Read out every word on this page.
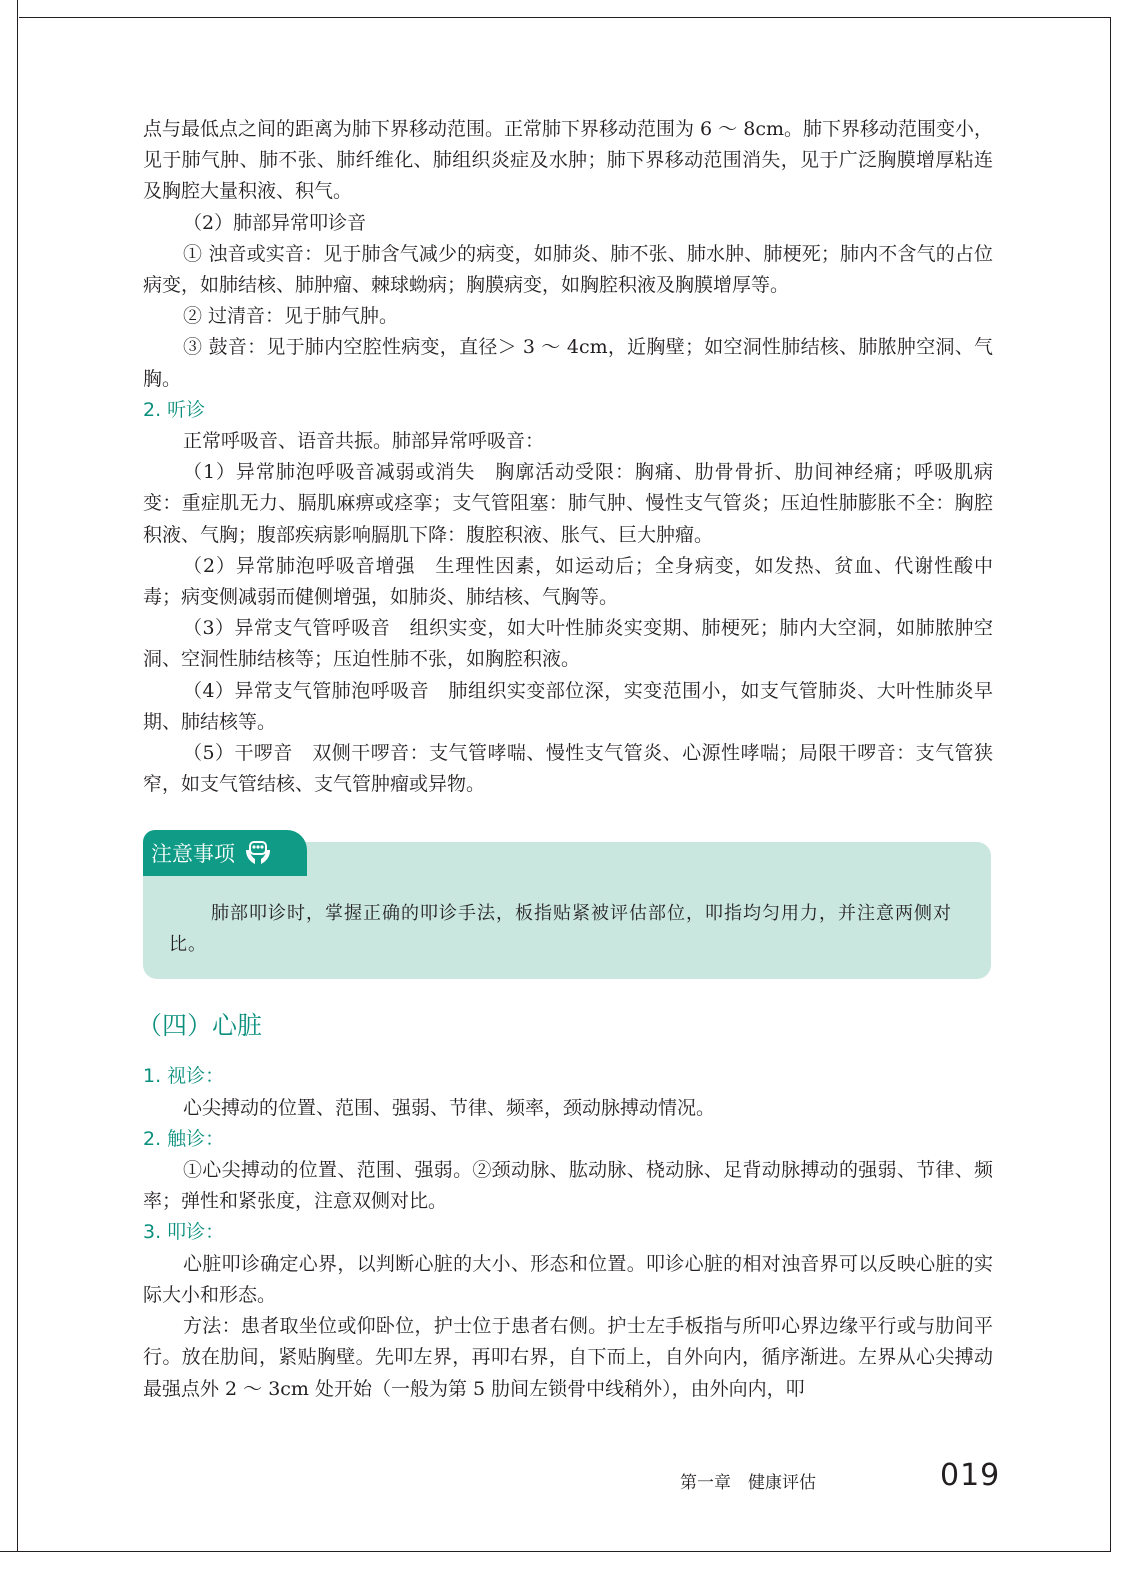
点与最低点之间的距离为肺下界移动范围。正常肺下界移动范围为 6 ～ 8cm。肺下界移动范围变小，见于肺气肿、肺不张、肺纤维化、肺组织炎症及水肿；肺下界移动范围消失，见于广泛胸膜增厚粘连及胸腔大量积液、积气。

（2）肺部异常叩诊音

① 浊音或实音：见于肺含气减少的病变，如肺炎、肺不张、肺水肿、肺梗死；肺内不含气的占位病变，如肺结核、肺肿瘤、棘球蚴病；胸膜病变，如胸腔积液及胸膜增厚等。

② 过清音：见于肺气肿。

③ 鼓音：见于肺内空腔性病变，直径＞ 3 ～ 4cm，近胸壁；如空洞性肺结核、肺脓肿空洞、气胸。

2. 听诊

正常呼吸音、语音共振。肺部异常呼吸音：

（1）异常肺泡呼吸音减弱或消失　胸廓活动受限：胸痛、肋骨骨折、肋间神经痛；呼吸肌病变：重症肌无力、膈肌麻痹或痉挛；支气管阻塞：肺气肿、慢性支气管炎；压迫性肺膨胀不全：胸腔积液、气胸；腹部疾病影响膈肌下降：腹腔积液、胀气、巨大肿瘤。

（2）异常肺泡呼吸音增强　生理性因素，如运动后；全身病变，如发热、贫血、代谢性酸中毒；病变侧减弱而健侧增强，如肺炎、肺结核、气胸等。

（3）异常支气管呼吸音　组织实变，如大叶性肺炎实变期、肺梗死；肺内大空洞，如肺脓肿空洞、空洞性肺结核等；压迫性肺不张，如胸腔积液。

（4）异常支气管肺泡呼吸音　肺组织实变部位深，实变范围小，如支气管肺炎、大叶性肺炎早期、肺结核等。

（5）干啰音　双侧干啰音：支气管哮喘、慢性支气管炎、心源性哮喘；局限干啰音：支气管狭窄，如支气管结核、支气管肿瘤或异物。

注意事项
肺部叩诊时，掌握正确的叩诊手法，板指贴紧被评估部位，叩指均匀用力，并注意两侧对比。
（四）心脏
1. 视诊：

心尖搏动的位置、范围、强弱、节律、频率，颈动脉搏动情况。

2. 触诊：

①心尖搏动的位置、范围、强弱。②颈动脉、肱动脉、桡动脉、足背动脉搏动的强弱、节律、频率；弹性和紧张度，注意双侧对比。

3. 叩诊：

心脏叩诊确定心界，以判断心脏的大小、形态和位置。叩诊心脏的相对浊音界可以反映心脏的实际大小和形态。

方法：患者取坐位或仰卧位，护士位于患者右侧。护士左手板指与所叩心界边缘平行或与肋间平行。放在肋间，紧贴胸壁。先叩左界，再叩右界，自下而上，自外向内，循序渐进。左界从心尖搏动最强点外 2 ～ 3cm 处开始（一般为第 5 肋间左锁骨中线稍外），由外向内，叩

第一章　健康评估	019
